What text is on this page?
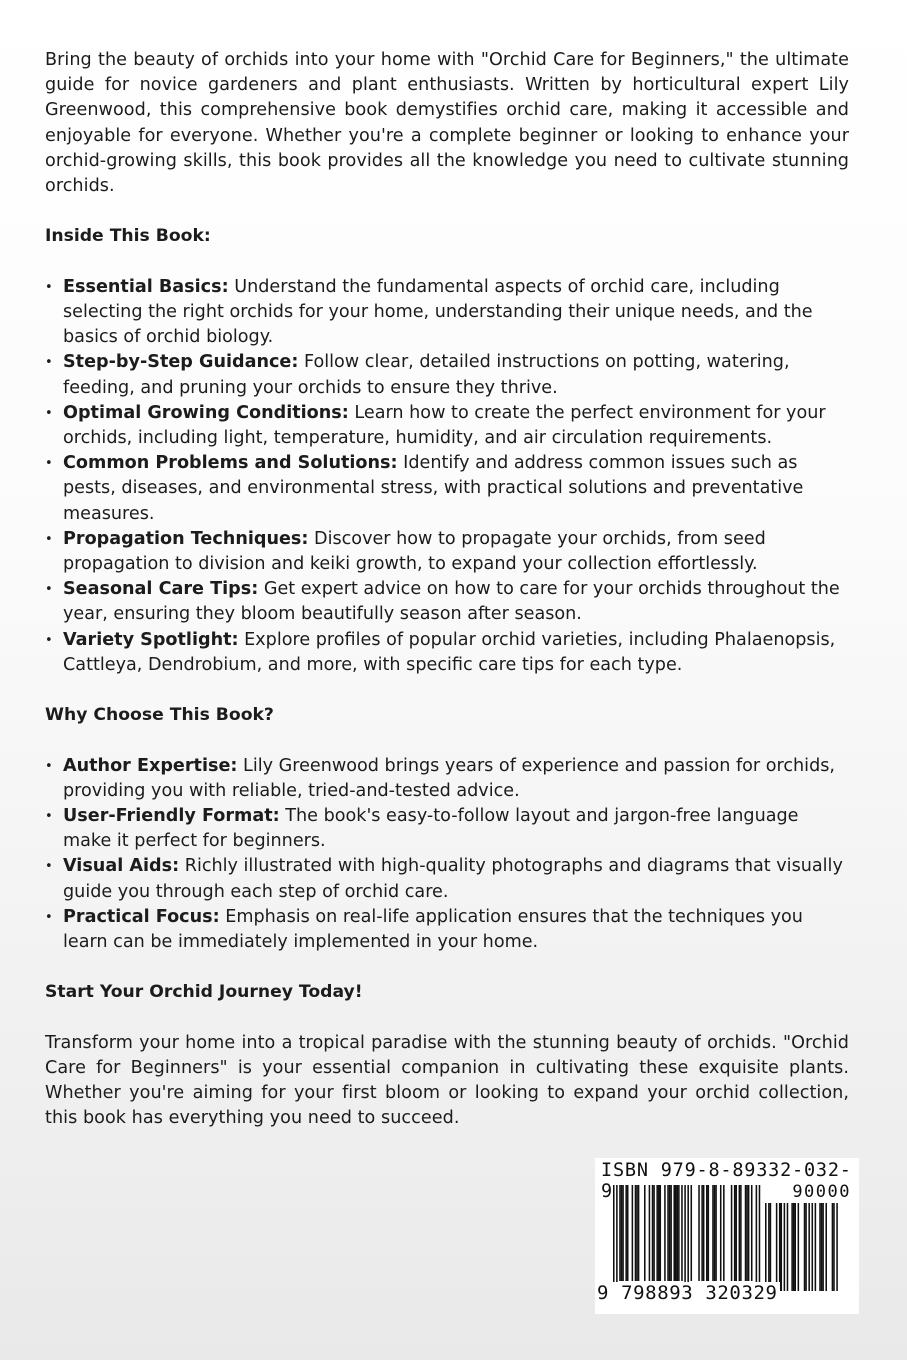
Bring the beauty of orchids into your home with "Orchid Care for Beginners," the ultimate guide for novice gardeners and plant enthusiasts. Written by horticultural expert Lily Greenwood, this comprehensive book demystifies orchid care, making it accessible and enjoyable for everyone. Whether you're a complete beginner or looking to enhance your orchid-growing skills, this book provides all the knowledge you need to cultivate stunning orchids.

Inside This Book:
• Essential Basics: Understand the fundamental aspects of orchid care, including selecting the right orchids for your home, understanding their unique needs, and the basics of orchid biology.
• Step-by-Step Guidance: Follow clear, detailed instructions on potting, watering, feeding, and pruning your orchids to ensure they thrive.
• Optimal Growing Conditions: Learn how to create the perfect environment for your orchids, including light, temperature, humidity, and air circulation requirements.
• Common Problems and Solutions: Identify and address common issues such as pests, diseases, and environmental stress, with practical solutions and preventative measures.
• Propagation Techniques: Discover how to propagate your orchids, from seed propagation to division and keiki growth, to expand your collection effortlessly.
• Seasonal Care Tips: Get expert advice on how to care for your orchids throughout the year, ensuring they bloom beautifully season after season.
• Variety Spotlight: Explore profiles of popular orchid varieties, including Phalaenopsis, Cattleya, Dendrobium, and more, with specific care tips for each type.
Why Choose This Book?
• Author Expertise: Lily Greenwood brings years of experience and passion for orchids, providing you with reliable, tried-and-tested advice.
• User-Friendly Format: The book's easy-to-follow layout and jargon-free language make it perfect for beginners.
• Visual Aids: Richly illustrated with high-quality photographs and diagrams that visually guide you through each step of orchid care.
• Practical Focus: Emphasis on real-life application ensures that the techniques you learn can be immediately implemented in your home.
Start Your Orchid Journey Today!

Transform your home into a tropical paradise with the stunning beauty of orchids. "Orchid Care for Beginners" is your essential companion in cultivating these exquisite plants. Whether you're aiming for your first bloom or looking to expand your orchid collection, this book has everything you need to succeed.

ISBN 979-8-89332-032-9	90000
9 798893 320329
